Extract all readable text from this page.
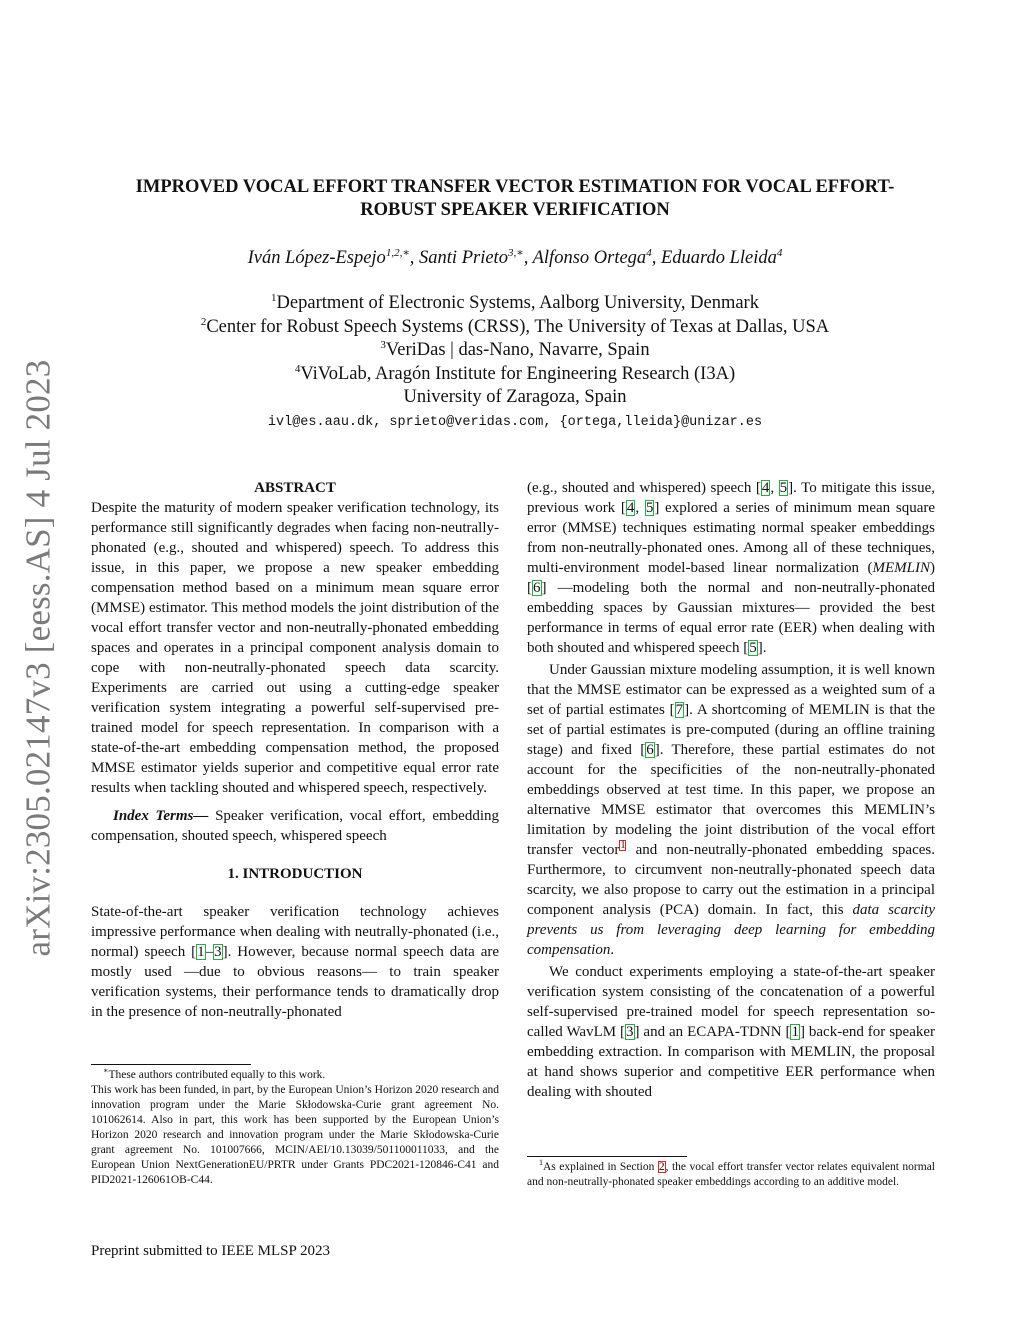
arXiv:2305.02147v3 [eess.AS] 4 Jul 2023
IMPROVED VOCAL EFFORT TRANSFER VECTOR ESTIMATION FOR VOCAL EFFORT-ROBUST SPEAKER VERIFICATION
Iván López-Espejo$^{1,2,∗}$, Santi Prieto$^{3,∗}$, Alfonso Ortega$^4$, Eduardo Lleida$^4$
$^1$Department of Electronic Systems, Aalborg University, Denmark
$^2$Center for Robust Speech Systems (CRSS), The University of Texas at Dallas, USA
$^3$VeriDas | das-Nano, Navarre, Spain
$^4$ViVoLab, Aragón Institute for Engineering Research (I3A)
University of Zaragoza, Spain
ivl@es.aau.dk, sprieto@veridas.com, {ortega,lleida}@unizar.es
ABSTRACT
Despite the maturity of modern speaker verification technology, its performance still significantly degrades when facing non-neutrally-phonated (e.g., shouted and whispered) speech. To address this issue, in this paper, we propose a new speaker embedding compensation method based on a minimum mean square error (MMSE) estimator. This method models the joint distribution of the vocal effort transfer vector and non-neutrally-phonated embedding spaces and operates in a principal component analysis domain to cope with non-neutrally-phonated speech data scarcity. Experiments are carried out using a cutting-edge speaker verification system integrating a powerful self-supervised pre-trained model for speech representation. In comparison with a state-of-the-art embedding compensation method, the proposed MMSE estimator yields superior and competitive equal error rate results when tackling shouted and whispered speech, respectively.
Index Terms— Speaker verification, vocal effort, embedding compensation, shouted speech, whispered speech
1. INTRODUCTION
State-of-the-art speaker verification technology achieves impressive performance when dealing with neutrally-phonated (i.e., normal) speech [1–3]. However, because normal speech data are mostly used —due to obvious reasons— to train speaker verification systems, their performance tends to dramatically drop in the presence of non-neutrally-phonated
(e.g., shouted and whispered) speech [4, 5]. To mitigate this issue, previous work [4, 5] explored a series of minimum mean square error (MMSE) techniques estimating normal speaker embeddings from non-neutrally-phonated ones. Among all of these techniques, multi-environment model-based linear normalization (MEMLIN) [6] —modeling both the normal and non-neutrally-phonated embedding spaces by Gaussian mixtures— provided the best performance in terms of equal error rate (EER) when dealing with both shouted and whispered speech [5].
Under Gaussian mixture modeling assumption, it is well known that the MMSE estimator can be expressed as a weighted sum of a set of partial estimates [7]. A shortcoming of MEMLIN is that the set of partial estimates is pre-computed (during an offline training stage) and fixed [6]. Therefore, these partial estimates do not account for the specificities of the non-neutrally-phonated embeddings observed at test time. In this paper, we propose an alternative MMSE estimator that overcomes this MEMLIN’s limitation by modeling the joint distribution of the vocal effort transfer vector$^1$ and non-neutrally-phonated embedding spaces. Furthermore, to circumvent non-neutrally-phonated speech data scarcity, we also propose to carry out the estimation in a principal component analysis (PCA) domain. In fact, this data scarcity prevents us from leveraging deep learning for embedding compensation.
We conduct experiments employing a state-of-the-art speaker verification system consisting of the concatenation of a powerful self-supervised pre-trained model for speech representation so-called WavLM [3] and an ECAPA-TDNN [1] back-end for speaker embedding extraction. In comparison with MEMLIN, the proposal at hand shows superior and competitive EER performance when dealing with shouted
∗These authors contributed equally to this work.
This work has been funded, in part, by the European Union’s Horizon 2020 research and innovation program under the Marie Skłodowska-Curie grant agreement No. 101062614. Also in part, this work has been supported by the European Union’s Horizon 2020 research and innovation program under the Marie Skłodowska-Curie grant agreement No. 101007666, MCIN/AEI/10.13039/501100011033, and the European Union NextGenerationEU/PRTR under Grants PDC2021-120846-C41 and PID2021-126061OB-C44.
$^1$As explained in Section 2, the vocal effort transfer vector relates equivalent normal and non-neutrally-phonated speaker embeddings according to an additive model.
Preprint submitted to IEEE MLSP 2023
